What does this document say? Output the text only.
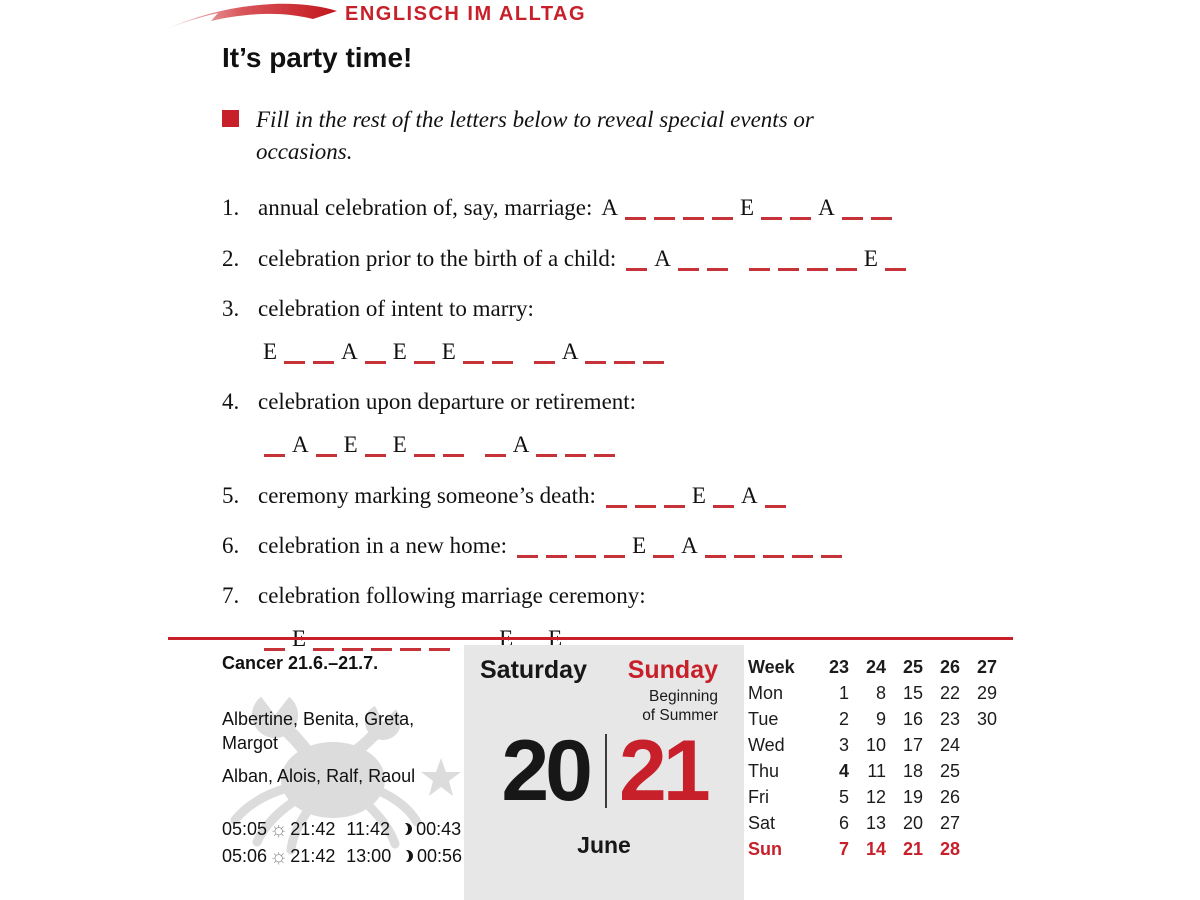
ENGLISCH IM ALLTAG
It’s party time!
Fill in the rest of the letters below to reveal special events or occasions.
1. annual celebration of, say, marriage: A	E	A
2. celebration prior to the birth of a child: A	E
3. celebration of intent to marry:
E	A E E	A
4. celebration upon departure or retirement:
A E E	A
5. ceremony marking someone’s death:	E A
6. celebration in a new home:	E A
7. celebration following marriage ceremony:
Cancer 21.6.–21.7.
Albertine, Benita, Greta, Margot
Alban, Alois, Ralf, Raoul
05:05 ☼ 21:42 11:42 00:43
05:06 ☼ 21:42 13:00 00:56
Saturday Sunday
Beginning
of Summer
20 21
June
Week	23 24 25 26 27
Mon	1	8 15 22 29
Tue	2	9 16 23 30
Wed	3 10 17 24
Thu	4	11 18 25
Fri	5 12 19 26
Sat	6 13 20 27
Sun	7 14 21 28
